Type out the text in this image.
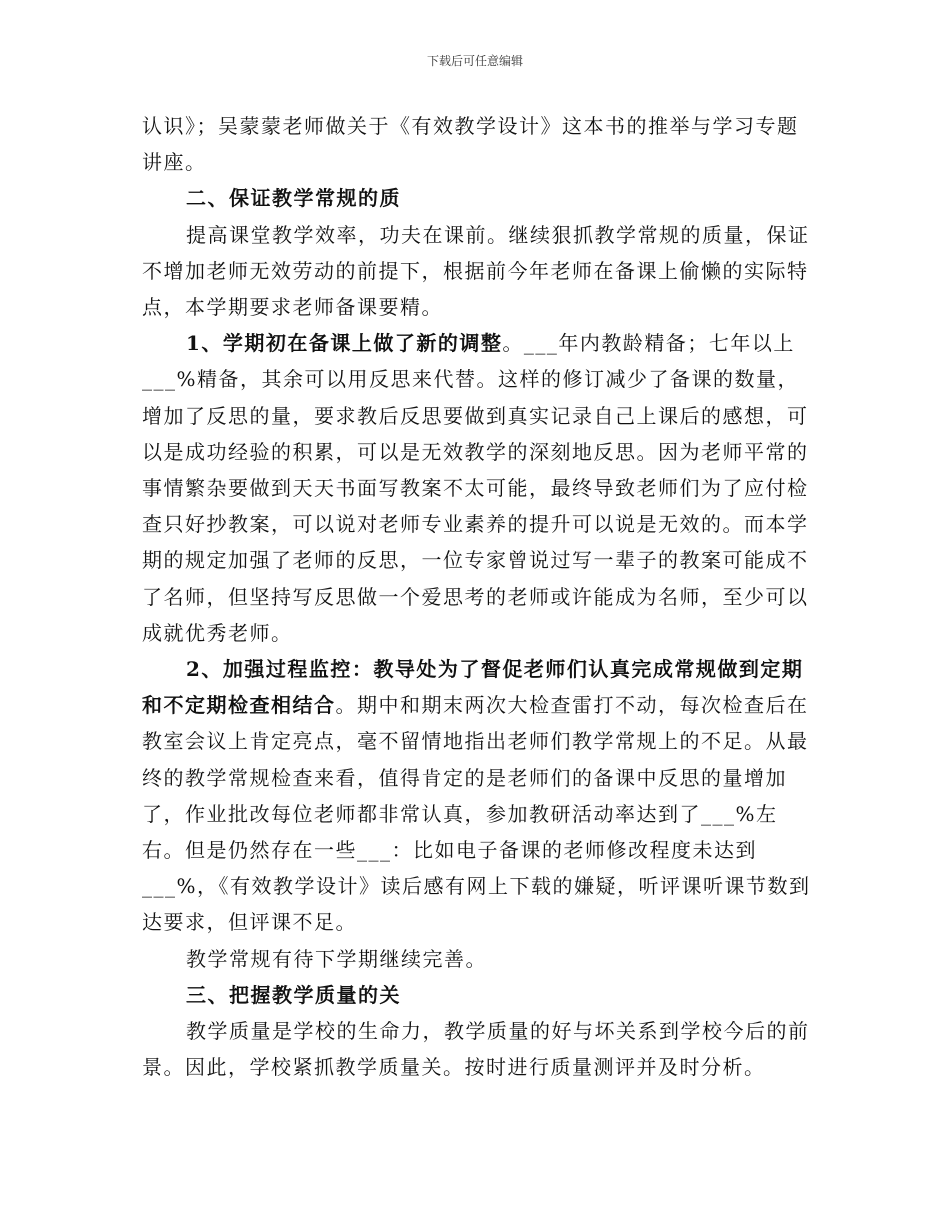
下载后可任意编辑

认识》；吴蒙蒙老师做关于《有效教学设计》这本书的推举与学习专题讲座。

二、保证教学常规的质

提高课堂教学效率，功夫在课前。继续狠抓教学常规的质量，保证不增加老师无效劳动的前提下，根据前今年老师在备课上偷懒的实际特点，本学期要求老师备课要精。

1、学期初在备课上做了新的调整。___年内教龄精备；七年以上___%精备，其余可以用反思来代替。这样的修订减少了备课的数量，增加了反思的量，要求教后反思要做到真实记录自己上课后的感想，可以是成功经验的积累，可以是无效教学的深刻地反思。因为老师平常的事情繁杂要做到天天书面写教案不太可能，最终导致老师们为了应付检查只好抄教案，可以说对老师专业素养的提升可以说是无效的。而本学期的规定加强了老师的反思，一位专家曾说过写一辈子的教案可能成不了名师，但坚持写反思做一个爱思考的老师或许能成为名师，至少可以成就优秀老师。

2、加强过程监控：教导处为了督促老师们认真完成常规做到定期和不定期检查相结合。期中和期末两次大检查雷打不动，每次检查后在教室会议上肯定亮点，毫不留情地指出老师们教学常规上的不足。从最终的教学常规检查来看，值得肯定的是老师们的备课中反思的量增加了，作业批改每位老师都非常认真，参加教研活动率达到了___%左右。但是仍然存在一些___：比如电子备课的老师修改程度未达到___%，《有效教学设计》读后感有网上下载的嫌疑，听评课听课节数到达要求，但评课不足。

教学常规有待下学期继续完善。

三、把握教学质量的关

教学质量是学校的生命力，教学质量的好与坏关系到学校今后的前景。因此，学校紧抓教学质量关。按时进行质量测评并及时分析。
